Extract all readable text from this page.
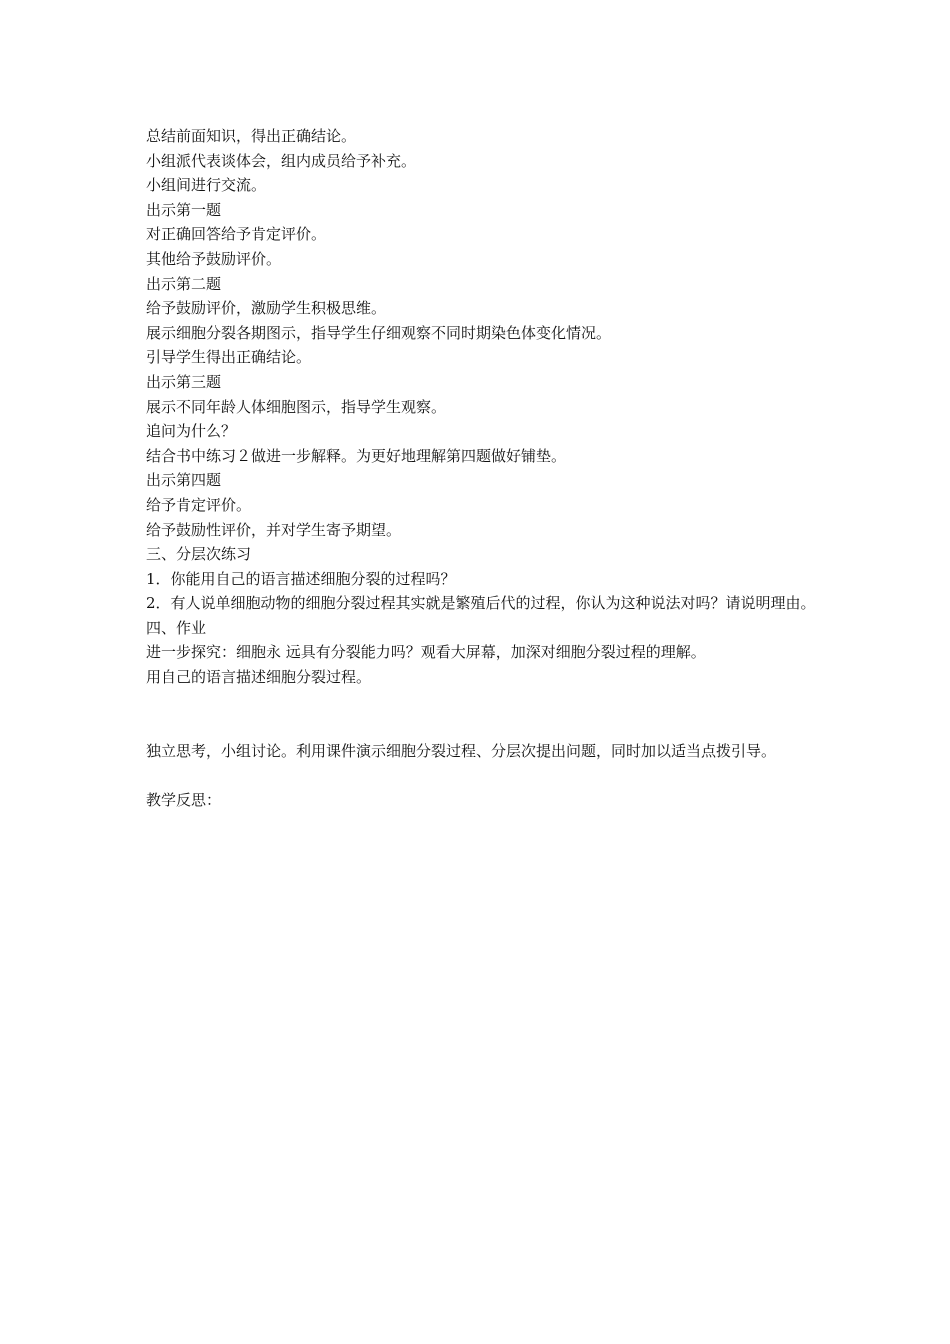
总结前面知识，得出正确结论。

小组派代表谈体会，组内成员给予补充。

小组间进行交流。

出示第一题

对正确回答给予肯定评价。

其他给予鼓励评价。

出示第二题

给予鼓励评价，激励学生积极思维。

展示细胞分裂各期图示，指导学生仔细观察不同时期染色体变化情况。

引导学生得出正确结论。

出示第三题

展示不同年龄人体细胞图示，指导学生观察。

追问为什么？

结合书中练习２做进一步解释。为更好地理解第四题做好铺垫。

出示第四题

给予肯定评价。

给予鼓励性评价，并对学生寄予期望。

三、分层次练习

1．你能用自己的语言描述细胞分裂的过程吗？

2．有人说单细胞动物的细胞分裂过程其实就是繁殖后代的过程，你认为这种说法对吗？请说明理由。

四、作业

进一步探究：细胞永 远具有分裂能力吗？观看大屏幕，加深对细胞分裂过程的理解。

用自己的语言描述细胞分裂过程。

独立思考，小组讨论。利用课件演示细胞分裂过程、分层次提出问题，同时加以适当点拨引导。

教学反思：
